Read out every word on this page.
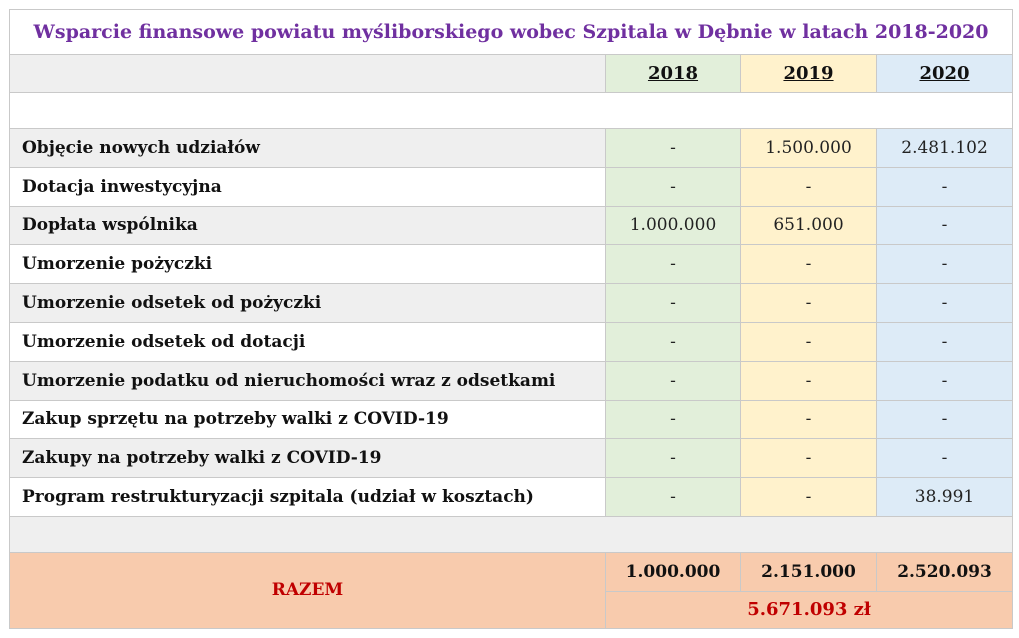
Wsparcie finansowe powiatu myśliborskiego wobec Szpitala w Dębnie w latach 2018-2020			
	2018	2019	2020

Objęcie nowych udziałów	-	1.500.000	2.481.102
Dotacja inwestycyjna	-	-	-
Dopłata wspólnika	1.000.000	651.000	-
Umorzenie pożyczki	-	-	-
Umorzenie odsetek od pożyczki	-	-	-
Umorzenie odsetek od dotacji	-	-	-
Umorzenie podatku od nieruchomości wraz z odsetkami	-	-	-
Zakup sprzętu na potrzeby walki z COVID-19	-	-	-
Zakupy na potrzeby walki z COVID-19	-	-	-
Program restrukturyzacji szpitala (udział w kosztach)	-	-	38.991

RAZEM	1.000.000	2.151.000	2.520.093
	5.671.093 zł		
